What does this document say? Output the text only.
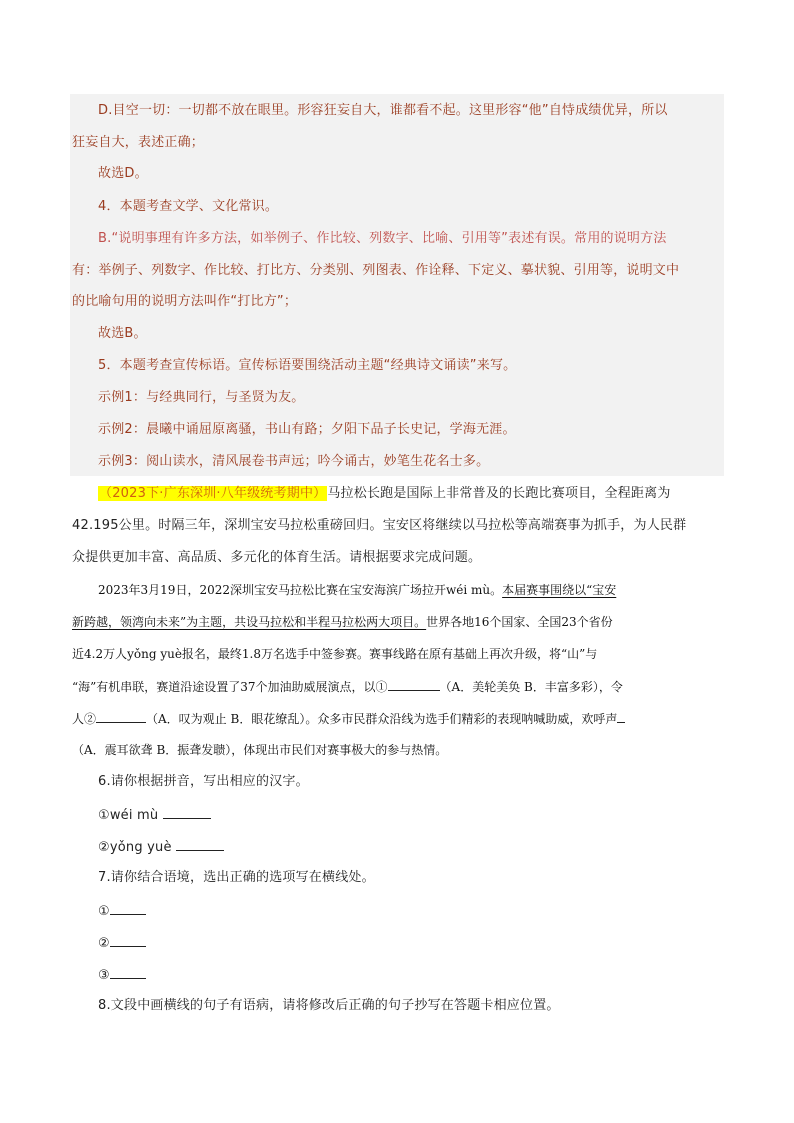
D.目空一切：一切都不放在眼里。形容狂妄自大，谁都看不起。这里形容“他”自恃成绩优异，所以
狂妄自大，表述正确；
故选D。
4．本题考查文学、文化常识。
B.“说明事理有许多方法，如举例子、作比较、列数字、比喻、引用等”表述有误。常用的说明方法
有：举例子、列数字、作比较、打比方、分类别、列图表、作诠释、下定义、摹状貌、引用等，说明文中
的比喻句用的说明方法叫作“打比方”；
故选B。
5．本题考查宣传标语。宣传标语要围绕活动主题“经典诗文诵读”来写。
示例1：与经典同行，与圣贤为友。
示例2：晨曦中诵屈原离骚，书山有路；夕阳下品子长史记，学海无涯。
示例3：阅山读水，清风展卷书声远；吟今诵古，妙笔生花名士多。
（2023下·广东深圳·八年级统考期中）马拉松长跑是国际上非常普及的长跑比赛项目，全程距离为
42.195公里。时隔三年，深圳宝安马拉松重磅回归。宝安区将继续以马拉松等高端赛事为抓手，为人民群
众提供更加丰富、高品质、多元化的体育生活。请根据要求完成问题。
2023年3月19日，2022深圳宝安马拉松比赛在宝安海滨广场拉开wéi mù。本届赛事围绕以“宝安
新跨越，领湾向未来”为主题，共设马拉松和半程马拉松两大项目。世界各地16个国家、全国23个省份
近4.2万人yǒng yuè报名，最终1.8万名选手中签参赛。赛事线路在原有基础上再次升级，将“山”与
“海”有机串联，赛道沿途设置了37个加油助威展演点，以①	（A．美轮美奂 B．丰富多彩），令
人②	（A．叹为观止 B．眼花缭乱）。众多市民群众沿线为选手们精彩的表现呐喊助威，欢呼声
（A．震耳欲聋 B．振聋发聩），体现出市民们对赛事极大的参与热情。
6.请你根据拼音，写出相应的汉字。
①wéi mù
②yǒng yuè
7.请你结合语境，选出正确的选项写在横线处。
①
②
③
8.文段中画横线的句子有语病，请将修改后正确的句子抄写在答题卡相应位置。
